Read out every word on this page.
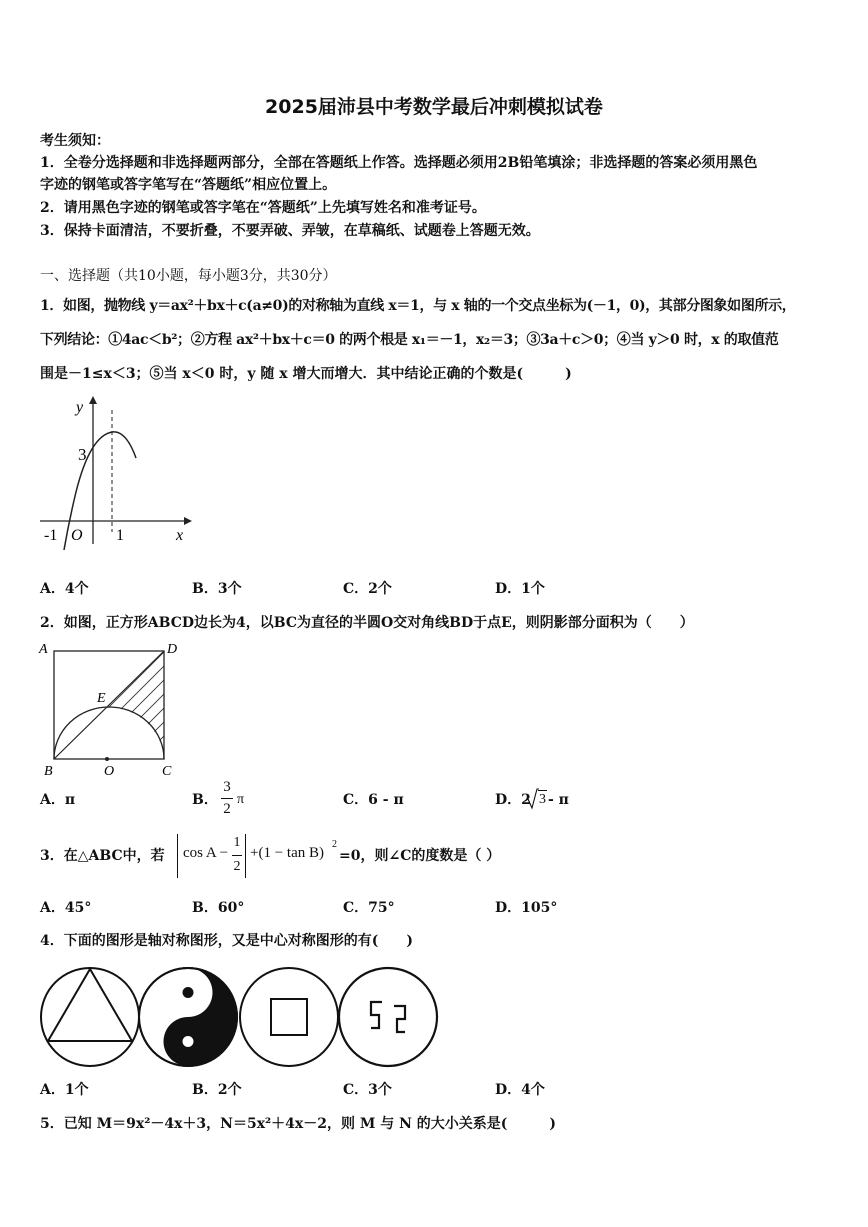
2025届沛县中考数学最后冲刺模拟试卷
考生须知：
1．全卷分选择题和非选择题两部分，全部在答题纸上作答。选择题必须用2B铅笔填涂；非选择题的答案必须用黑色
字迹的钢笔或答字笔写在“答题纸”相应位置上。
2．请用黑色字迹的钢笔或答字笔在“答题纸”上先填写姓名和准考证号。
3．保持卡面清洁，不要折叠，不要弄破、弄皱，在草稿纸、试题卷上答题无效。
一、选择题（共10小题，每小题3分，共30分）
1．如图，抛物线 y＝ax²＋bx＋c(a≠0)的对称轴为直线 x＝1，与 x 轴的一个交点坐标为(－1，0)，其部分图象如图所示，
下列结论：①4ac＜b²；②方程 ax²＋bx＋c＝0 的两个根是 x₁＝－1，x₂＝3；③3a＋c＞0；④当 y＞0 时，x 的取值范
围是－1≤x＜3；⑤当 x＜0 时，y 随 x 增大而增大．其中结论正确的个数是(　　　)
y
x
3
-1 O 1
A．4个	B．3个	C．2个	D．1个
2．如图，正方形ABCD边长为4，以BC为直径的半圆O交对角线BD于点E，则阴影部分面积为（　　）
A	D
E
B	O	C
A．π	B．
3
2
π	C．6 - π	D．2 3 - π
3．在△ABC中，若 cos A −
1
2
+(1 − tan B)
2
=0，则∠C的度数是（ ）
A．45°	B．60°	C．75°	D．105°
4．下面的图形是轴对称图形，又是中心对称图形的有(　　)
A．1个	B．2个	C．3个	D．4个
5．已知 M＝9x²－4x＋3，N＝5x²＋4x－2，则 M 与 N 的大小关系是(　　　)
